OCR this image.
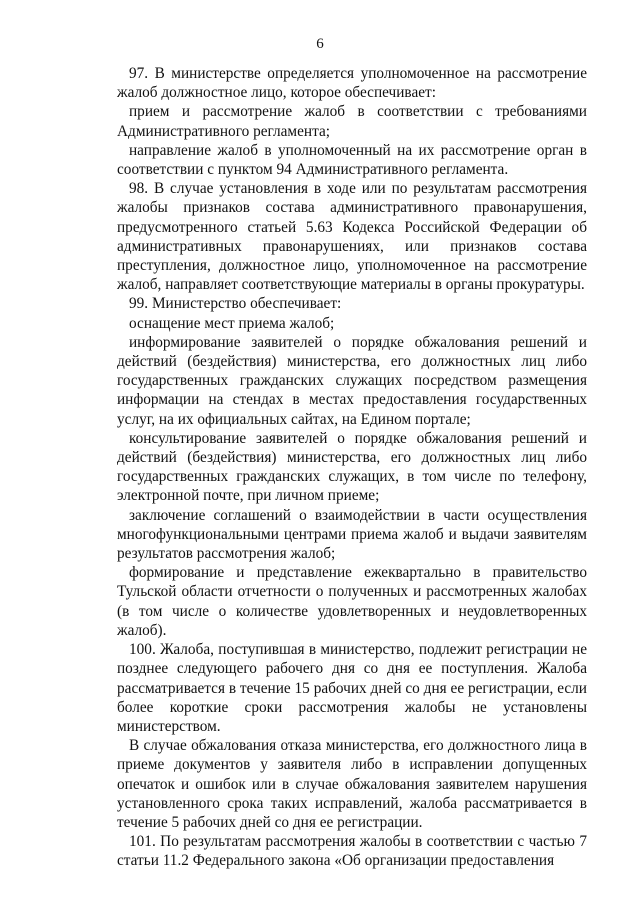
6

97. В министерстве определяется уполномоченное на рассмотрение жалоб должностное лицо, которое обеспечивает:

прием и рассмотрение жалоб в соответствии с требованиями Административного регламента;

направление жалоб в уполномоченный на их рассмотрение орган в соответствии с пунктом 94 Административного регламента.

98. В случае установления в ходе или по результатам рассмотрения жалобы признаков состава административного правонарушения, предусмотренного статьей 5.63 Кодекса Российской Федерации об административных правонарушениях, или признаков состава преступления, должностное лицо, уполномоченное на рассмотрение жалоб, направляет соответствующие материалы в органы прокуратуры.

99. Министерство обеспечивает:

оснащение мест приема жалоб;

информирование заявителей о порядке обжалования решений и действий (бездействия) министерства, его должностных лиц либо государственных гражданских служащих посредством размещения информации на стендах в местах предоставления государственных услуг, на их официальных сайтах, на Едином портале;

консультирование заявителей о порядке обжалования решений и действий (бездействия) министерства, его должностных лиц либо государственных гражданских служащих, в том числе по телефону, электронной почте, при личном приеме;

заключение соглашений о взаимодействии в части осуществления многофункциональными центрами приема жалоб и выдачи заявителям результатов рассмотрения жалоб;

формирование и представление ежеквартально в правительство Тульской области отчетности о полученных и рассмотренных жалобах (в том числе о количестве удовлетворенных и неудовлетворенных жалоб).

100. Жалоба, поступившая в министерство, подлежит регистрации не позднее следующего рабочего дня со дня ее поступления. Жалоба рассматривается в течение 15 рабочих дней со дня ее регистрации, если более короткие сроки рассмотрения жалобы не установлены министерством.

В случае обжалования отказа министерства, его должностного лица в приеме документов у заявителя либо в исправлении допущенных опечаток и ошибок или в случае обжалования заявителем нарушения установленного срока таких исправлений, жалоба рассматривается в течение 5 рабочих дней со дня ее регистрации.

101. По результатам рассмотрения жалобы в соответствии с частью 7 статьи 11.2 Федерального закона «Об организации предоставления
